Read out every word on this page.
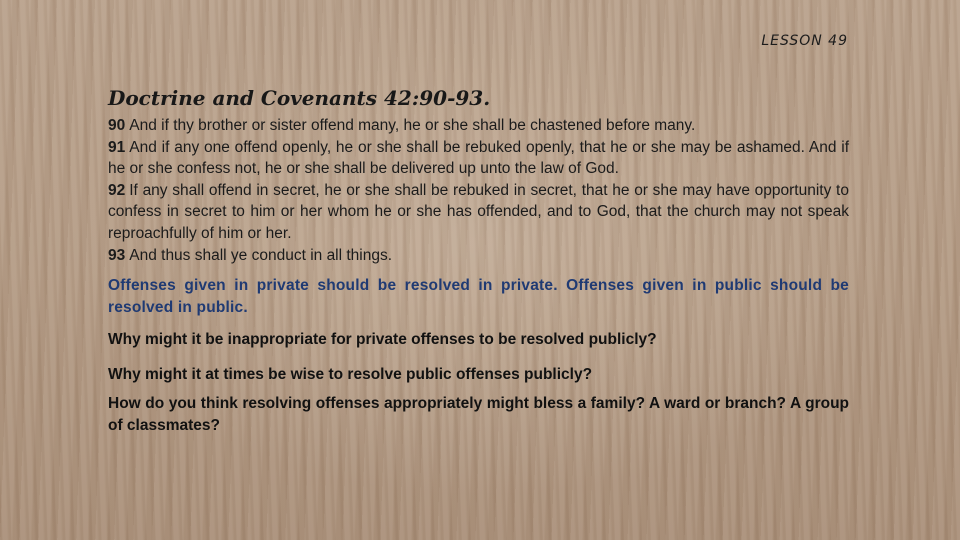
LESSON 49
Doctrine and Covenants 42:90-93.

90 And if thy brother or sister offend many, he or she shall be chastened before many.

91 And if any one offend openly, he or she shall be rebuked openly, that he or she may be ashamed. And if he or she confess not, he or she shall be delivered up unto the law of God.

92 If any shall offend in secret, he or she shall be rebuked in secret, that he or she may have opportunity to confess in secret to him or her whom he or she has offended, and to God, that the church may not speak reproachfully of him or her.

93 And thus shall ye conduct in all things.

Offenses given in private should be resolved in private. Offenses given in public should be resolved in public.
Why might it be inappropriate for private offenses to be resolved publicly?
Why might it at times be wise to resolve public offenses publicly?
How do you think resolving offenses appropriately might bless a family? A ward or branch? A group of classmates?
